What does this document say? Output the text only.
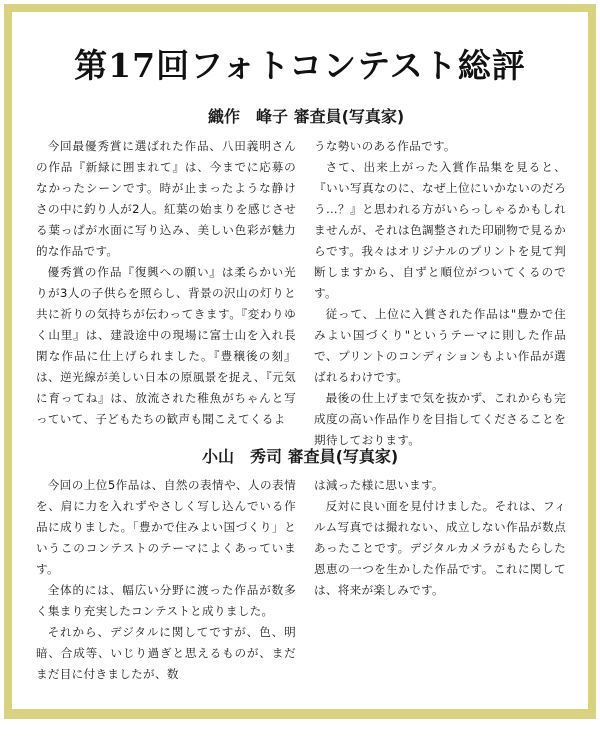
第17回フォトコンテスト総評
織作　峰子 審査員(写真家)

今回最優秀賞に選ばれた作品、八田義明さんの作品『新緑に囲まれて』は、今までに応募のなかったシーンです。時が止まったような静けさの中に釣り人が2人。紅葉の始まりを感じさせる葉っぱが水面に写り込み、美しい色彩が魅力的な作品です。

優秀賞の作品『復興への願い』は柔らかい光りが3人の子供らを照らし、背景の沢山の灯りと共に祈りの気持ちが伝わってきます。『変わりゆく山里』は、建設途中の現場に富士山を入れ長閑な作品に仕上げられました。『豊穣後の刻』は、逆光線が美しい日本の原風景を捉え、『元気に育ってね』は、放流された稚魚がちゃんと写っていて、子どもたちの歓声も聞こえてくるよ

うな勢いのある作品です。

さて、出来上がった入賞作品集を見ると、『いい写真なのに、なぜ上位にいかないのだろう…？』と思われる方がいらっしゃるかもしれませんが、それは色調整された印刷物で見るからです。我々はオリジナルのプリントを見て判断しますから、自ずと順位がついてくるのです。

従って、上位に入賞された作品は"豊かで住みよい国づくり"というテーマに則した作品で、プリントのコンディションもよい作品が選ばれるわけです。

最後の仕上げまで気を抜かず、これからも完成度の高い作品作りを目指してくださることを期待しております。

小山　秀司 審査員(写真家)

今回の上位5作品は、自然の表情や、人の表情を、肩に力を入れずやさしく写し込んでいる作品に成りました。「豊かで住みよい国づくり」というこのコンテストのテーマによくあっています。

全体的には、幅広い分野に渡った作品が数多く集まり充実したコンテストと成りました。

それから、デジタルに関してですが、色、明暗、合成等、いじり過ぎと思えるものが、まだまだ目に付きましたが、数

は減った様に思います。

反対に良い面を見付けました。それは、フィルム写真では撮れない、成立しない作品が数点あったことです。デジタルカメラがもたらした恩恵の一つを生かした作品です。これに関しては、将来が楽しみです。
